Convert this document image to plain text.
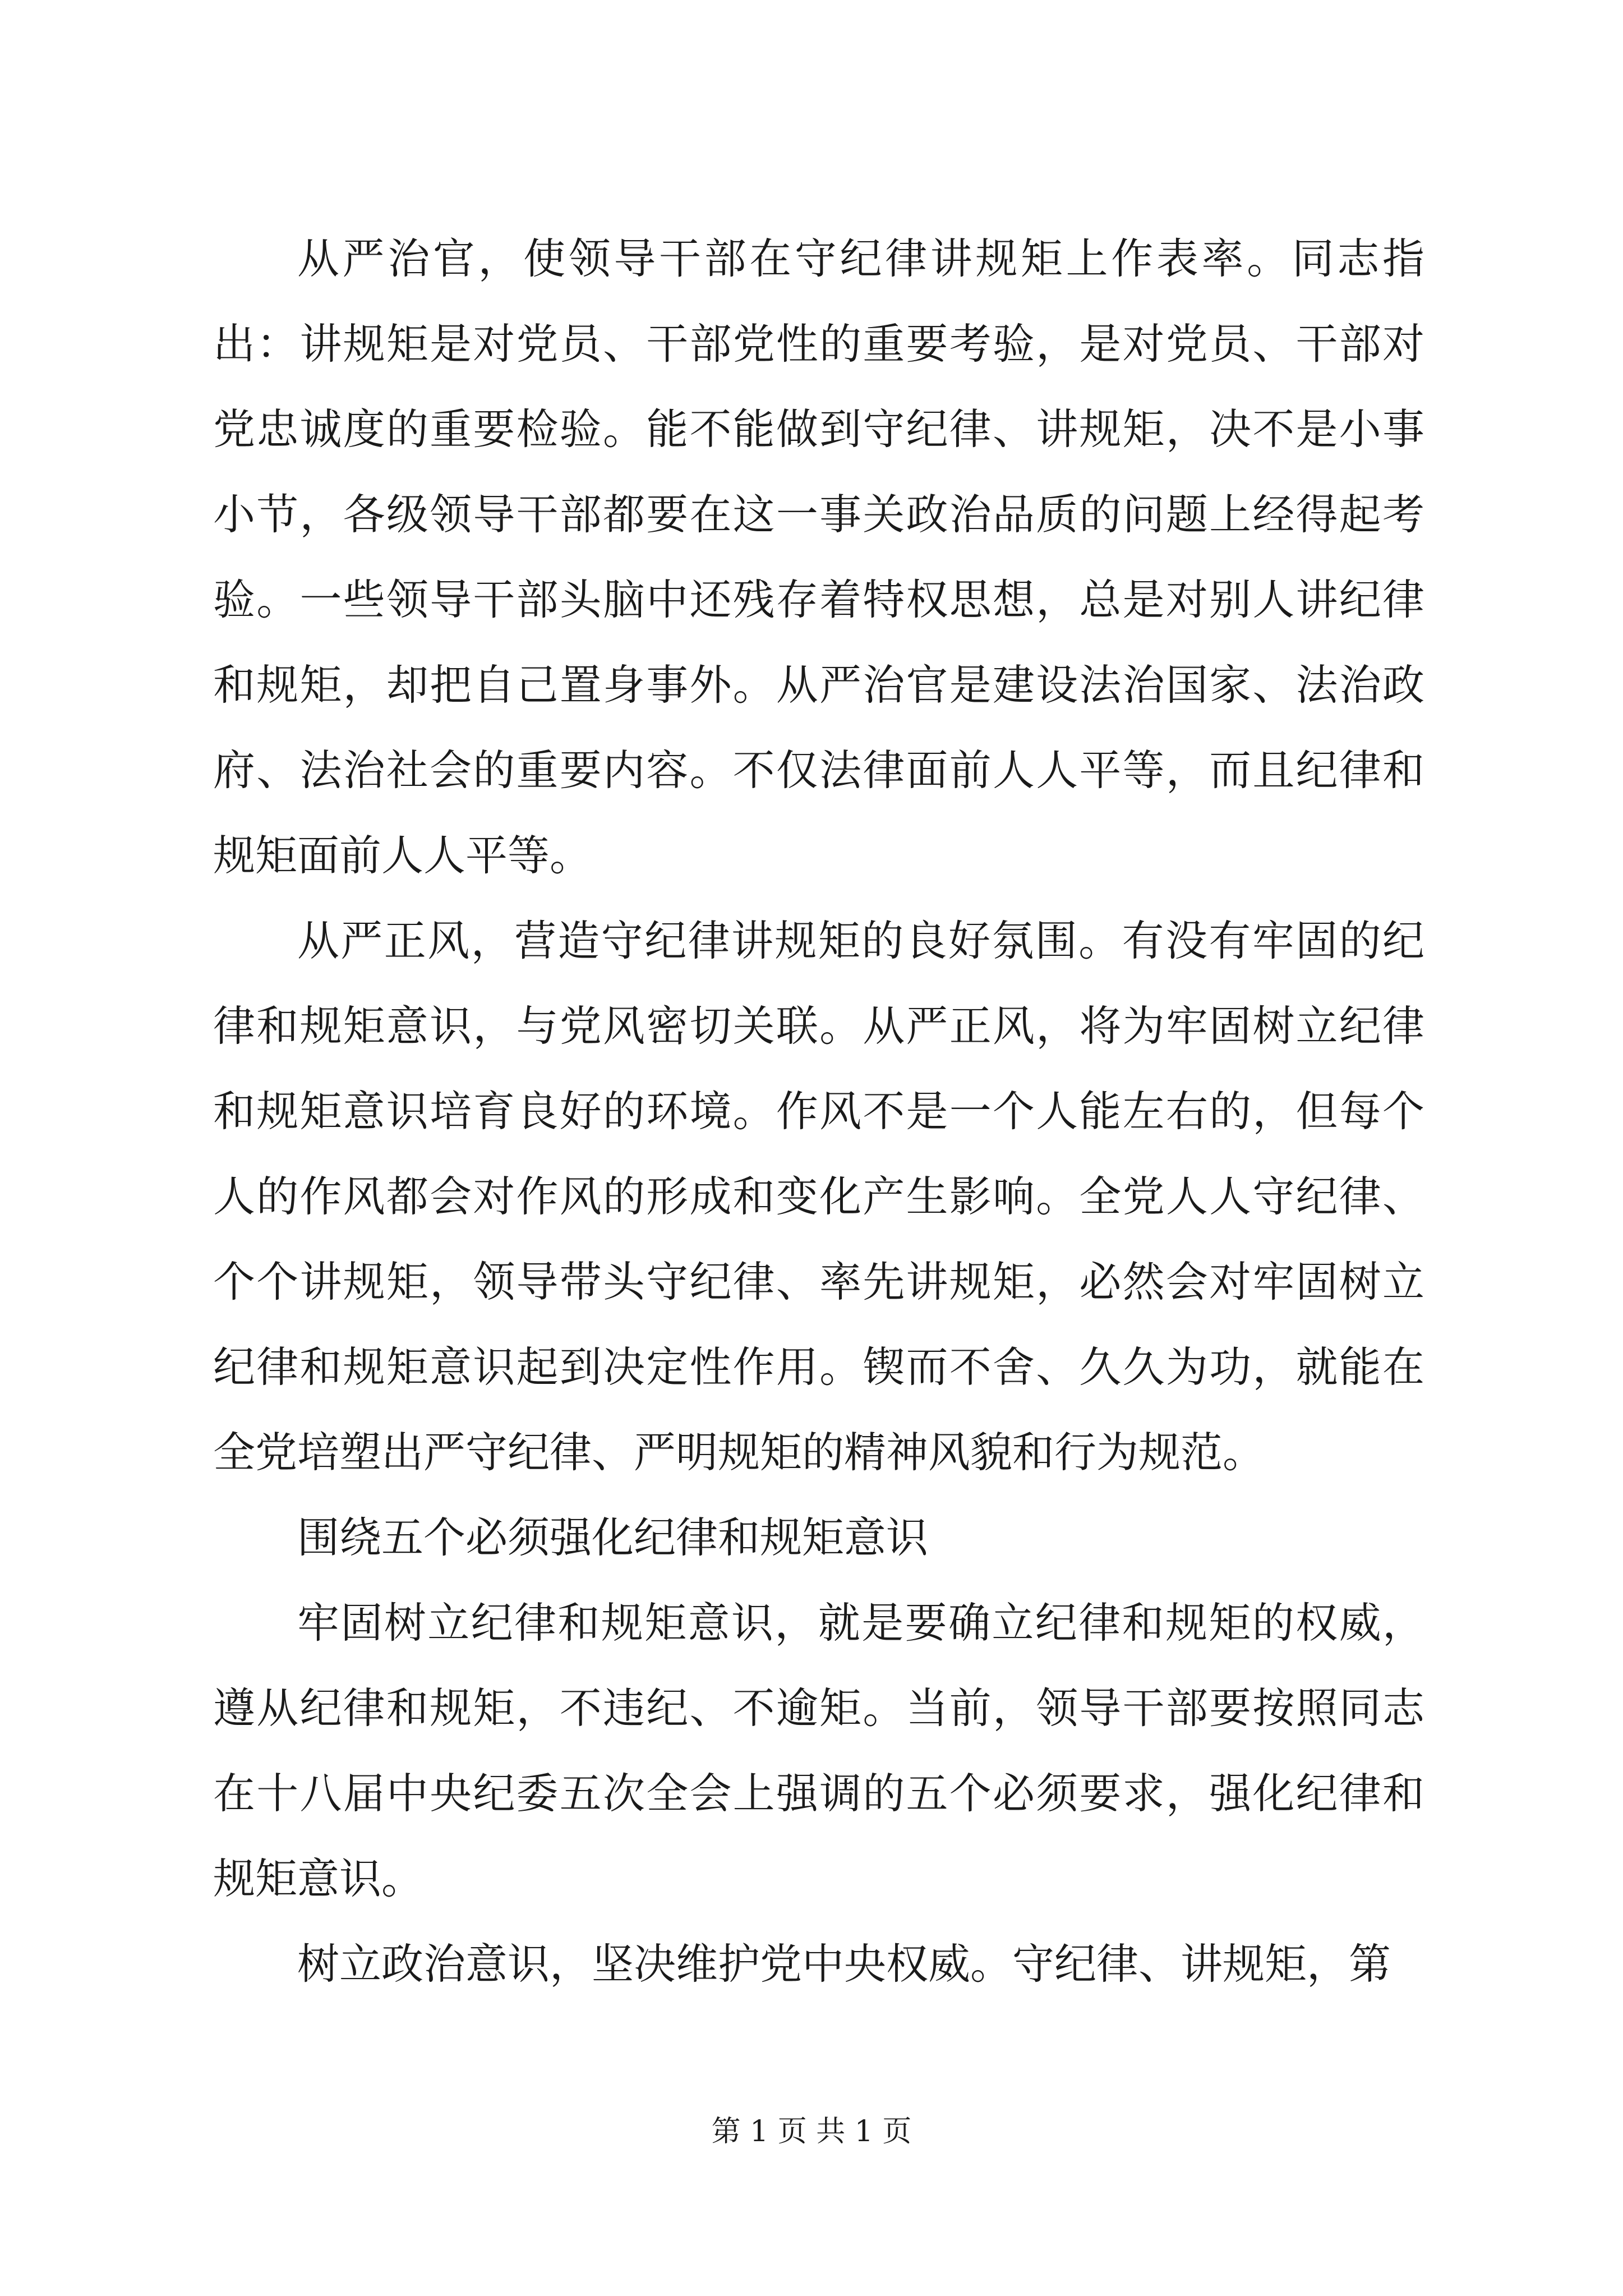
从严治官，使领导干部在守纪律讲规矩上作表率。同志指出：讲规矩是对党员、干部党性的重要考验，是对党员、干部对党忠诚度的重要检验。能不能做到守纪律、讲规矩，决不是小事小节，各级领导干部都要在这一事关政治品质的问题上经得起考验。一些领导干部头脑中还残存着特权思想，总是对别人讲纪律和规矩，却把自己置身事外。从严治官是建设法治国家、法治政府、法治社会的重要内容。不仅法律面前人人平等，而且纪律和规矩面前人人平等。

从严正风，营造守纪律讲规矩的良好氛围。有没有牢固的纪律和规矩意识，与党风密切关联。从严正风，将为牢固树立纪律和规矩意识培育良好的环境。作风不是一个人能左右的，但每个人的作风都会对作风的形成和变化产生影响。全党人人守纪律、个个讲规矩，领导带头守纪律、率先讲规矩，必然会对牢固树立纪律和规矩意识起到决定性作用。锲而不舍、久久为功，就能在全党培塑出严守纪律、严明规矩的精神风貌和行为规范。

围绕五个必须强化纪律和规矩意识

牢固树立纪律和规矩意识，就是要确立纪律和规矩的权威，遵从纪律和规矩，不违纪、不逾矩。当前，领导干部要按照同志在十八届中央纪委五次全会上强调的五个必须要求，强化纪律和规矩意识。

树立政治意识，坚决维护党中央权威。守纪律、讲规矩，第

第 1 页 共 1 页
